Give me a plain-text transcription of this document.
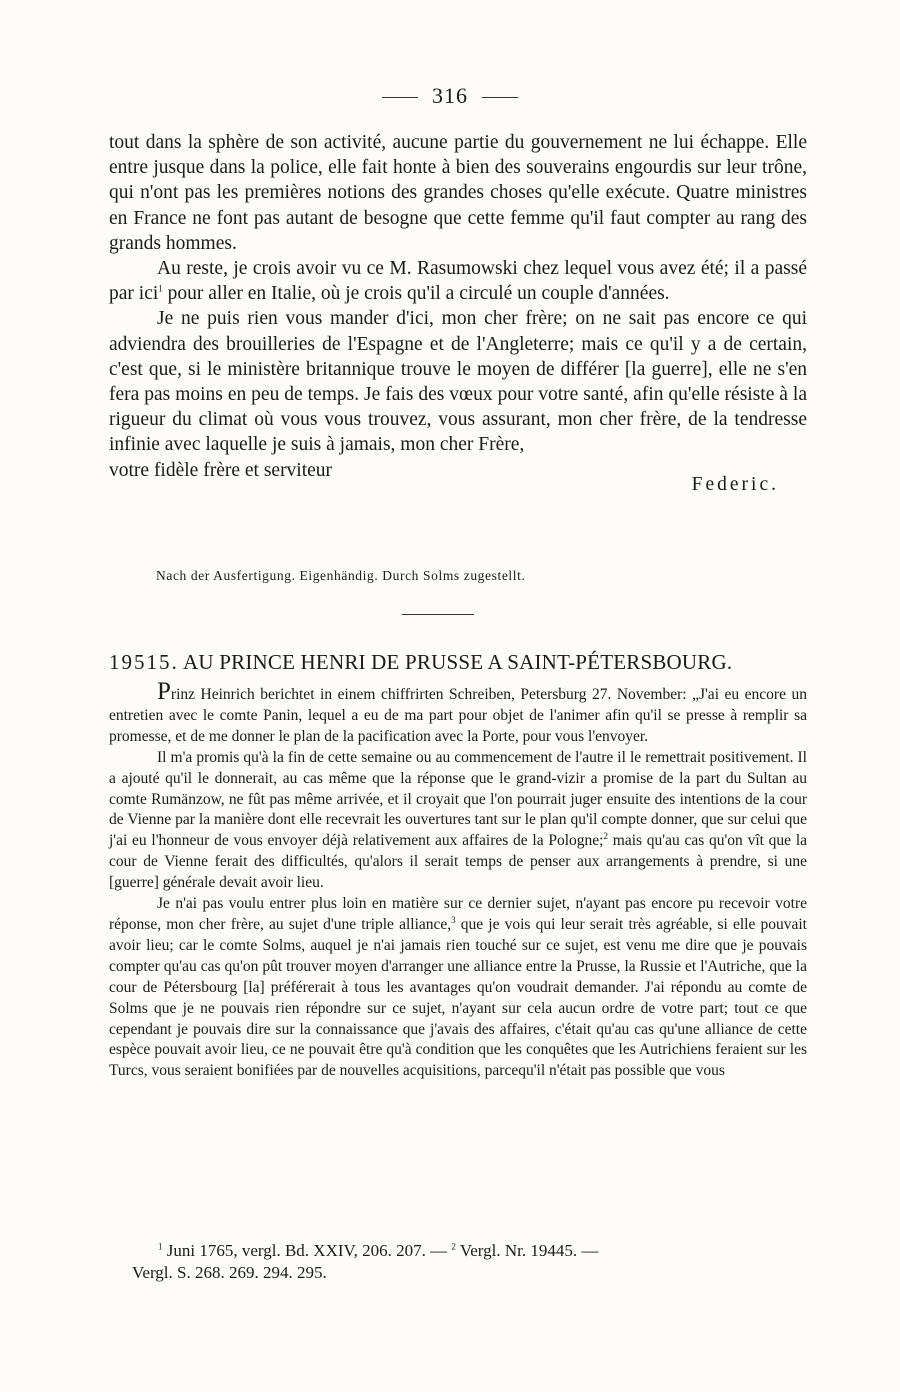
316

tout dans la sphère de son activité, aucune partie du gouvernement ne lui échappe. Elle entre jusque dans la police, elle fait honte à bien des souverains engourdis sur leur trône, qui n'ont pas les premières notions des grandes choses qu'elle exécute. Quatre ministres en France ne font pas autant de besogne que cette femme qu'il faut compter au rang des grands hommes.

Au reste, je crois avoir vu ce M. Rasumowski chez lequel vous avez été; il a passé par ici$^1$ pour aller en Italie, où je crois qu'il a circulé un couple d'années.

Je ne puis rien vous mander d'ici, mon cher frère; on ne sait pas encore ce qui adviendra des brouilleries de l'Espagne et de l'Angleterre; mais ce qu'il y a de certain, c'est que, si le ministère britannique trouve le moyen de différer [la guerre], elle ne s'en fera pas moins en peu de temps. Je fais des vœux pour votre santé, afin qu'elle résiste à la rigueur du climat où vous vous trouvez, vous assurant, mon cher frère, de la tendresse infinie avec laquelle je suis à jamais, mon cher Frère,

votre fidèle frère et serviteur
Federic.
Nach der Ausfertigung. Eigenhändig. Durch Solms zugestellt.
19515. AU PRINCE HENRI DE PRUSSE A SAINT-PÉTERSBOURG.

Prinz Heinrich berichtet in einem chiffrirten Schreiben, Petersburg 27. November: „J'ai eu encore un entretien avec le comte Panin, lequel a eu de ma part pour objet de l'animer afin qu'il se presse à remplir sa promesse, et de me donner le plan de la pacification avec la Porte, pour vous l'envoyer.

Il m'a promis qu'à la fin de cette semaine ou au commencement de l'autre il le remettrait positivement. Il a ajouté qu'il le donnerait, au cas même que la réponse que le grand-vizir a promise de la part du Sultan au comte Rumänzow, ne fût pas même arrivée, et il croyait que l'on pourrait juger ensuite des intentions de la cour de Vienne par la manière dont elle recevrait les ouvertures tant sur le plan qu'il compte donner, que sur celui que j'ai eu l'honneur de vous envoyer déjà relativement aux affaires de la Pologne;$^2$ mais qu'au cas qu'on vît que la cour de Vienne ferait des difficultés, qu'alors il serait temps de penser aux arrangements à prendre, si une [guerre] générale devait avoir lieu.

Je n'ai pas voulu entrer plus loin en matière sur ce dernier sujet, n'ayant pas encore pu recevoir votre réponse, mon cher frère, au sujet d'une triple alliance,$^3$ que je vois qui leur serait très agréable, si elle pouvait avoir lieu; car le comte Solms, auquel je n'ai jamais rien touché sur ce sujet, est venu me dire que je pouvais compter qu'au cas qu'on pût trouver moyen d'arranger une alliance entre la Prusse, la Russie et l'Autriche, que la cour de Pétersbourg [la] préférerait à tous les avantages qu'on voudrait demander. J'ai répondu au comte de Solms que je ne pouvais rien répondre sur ce sujet, n'ayant sur cela aucun ordre de votre part; tout ce que cependant je pouvais dire sur la connaissance que j'avais des affaires, c'était qu'au cas qu'une alliance de cette espèce pouvait avoir lieu, ce ne pouvait être qu'à condition que les conquêtes que les Autrichiens feraient sur les Turcs, vous seraient bonifiées par de nouvelles acquisitions, parcequ'il n'était pas possible que vous

$^1$ Juni 1765, vergl. Bd. XXIV, 206. 207. — $^2$ Vergl. Nr. 19445. —

Vergl. S. 268. 269. 294. 295.
